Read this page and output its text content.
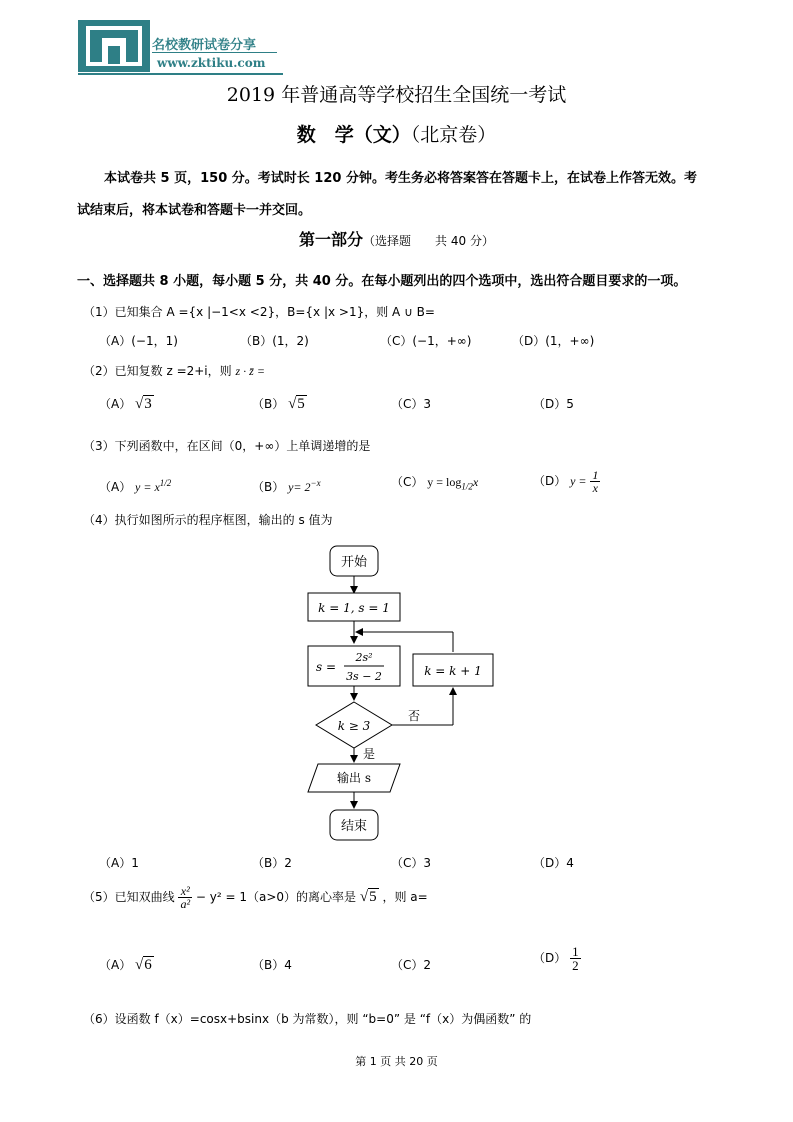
名校教研试卷分享
www.zktiku.com
2019 年普通高等学校招生全国统一考试
数　学（文）（北京卷）
本试卷共 5 页，150 分。考试时长 120 分钟。考生务必将答案答在答题卡上，在试卷上作答无效。考
试结束后，将本试卷和答题卡一并交回。
第一部分（选择题　　共 40 分）
一、选择题共 8 小题，每小题 5 分，共 40 分。在每小题列出的四个选项中，选出符合题目要求的一项。
（1）已知集合 A ={x |−1<x <2}，B={x |x >1}，则 A ∪ B=
（A）(−1，1)	（B）(1，2)	（C）(−1，+∞)	（D）(1，+∞)
（2）已知复数 z =2+i，则 z · z̄ =
（A） √3	（B） √5	（C）3	（D）5
（3）下列函数中，在区间（0，+∞）上单调递增的是
（A） $y = x^{1/2}$	（B） $y= 2^{-x}$	（C） $y = \log_{1/2}x$	（D） $y = \frac{1}{x}$
（4）执行如图所示的程序框图，输出的 s 值为
开始
k = 1, s = 1
s =
2s²
3s − 2	k = k + 1
k ≥ 3
否
是
输出 s
结束
（A）1	（B）2	（C）3	（D）4
（5）已知双曲线 $\frac{\text{x²}}{\text{a²}} - y^2 = 1(a>0)$的离心率是 √5 ，则 a=
（A） √6	（B）4	（C）2	$(D) \frac{1}{2}$
（6）设函数 f（x）=cosx+bsinx（b 为常数），则 “b=0” 是 “f（x）为偶函数” 的
第 1 页 共 20 页
